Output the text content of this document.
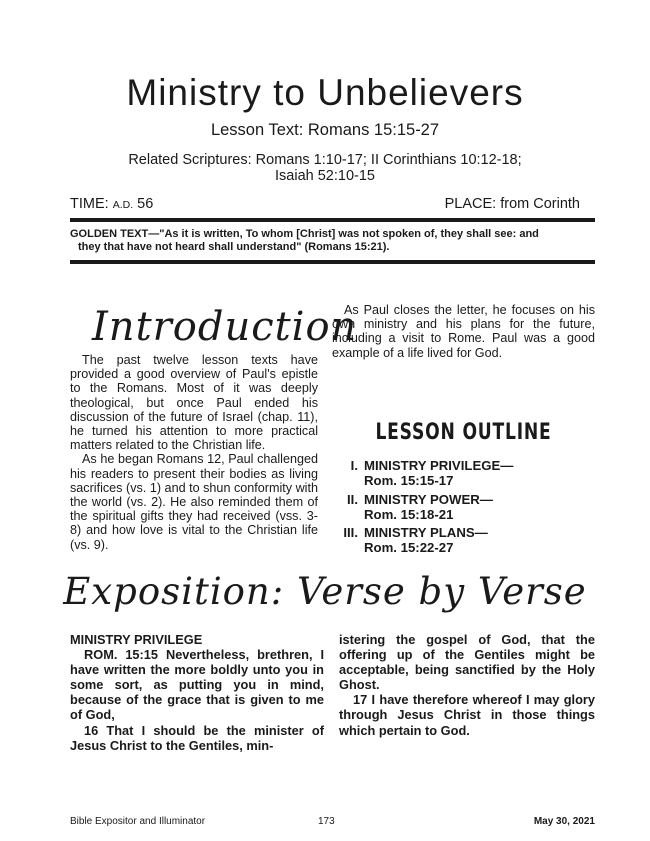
Ministry to Unbelievers
Lesson Text: Romans 15:15-27
Related Scriptures: Romans 1:10-17; II Corinthians 10:12-18;
Isaiah 52:10-15
TIME: A.D. 56	PLACE: from Corinth
GOLDEN TEXT—"As it is written, To whom [Christ] was not spoken of, they shall see: and
they that have not heard shall understand" (Romans 15:21).
Introduction

The past twelve lesson texts have provided a good overview of Paul's epistle to the Romans. Most of it was deeply theological, but once Paul ended his discussion of the future of Israel (chap. 11), he turned his attention to more practical matters related to the Christian life.

As he began Romans 12, Paul challenged his readers to present their bodies as living sacrifices (vs. 1) and to shun conformity with the world (vs. 2). He also reminded them of the spiritual gifts they had received (vss. 3-8) and how love is vital to the Christian life (vs. 9).

As Paul closes the letter, he focuses on his own ministry and his plans for the future, including a visit to Rome. Paul was a good example of a life lived for God.

LESSON OUTLINE
I. MINISTRY PRIVILEGE—
Rom. 15:15-17
II. MINISTRY POWER—
Rom. 15:18-21
III. MINISTRY PLANS—
Rom. 15:22-27
Exposition: Verse by Verse

MINISTRY PRIVILEGE

ROM. 15:15 Nevertheless, brethren, I have written the more boldly unto you in some sort, as putting you in mind, because of the grace that is given to me of God,

16 That I should be the minister of Jesus Christ to the Gentiles, min-

istering the gospel of God, that the offering up of the Gentiles might be acceptable, being sanctified by the Holy Ghost.

17 I have therefore whereof I may glory through Jesus Christ in those things which pertain to God.

Bible Expositor and Illuminator	173	May 30, 2021
